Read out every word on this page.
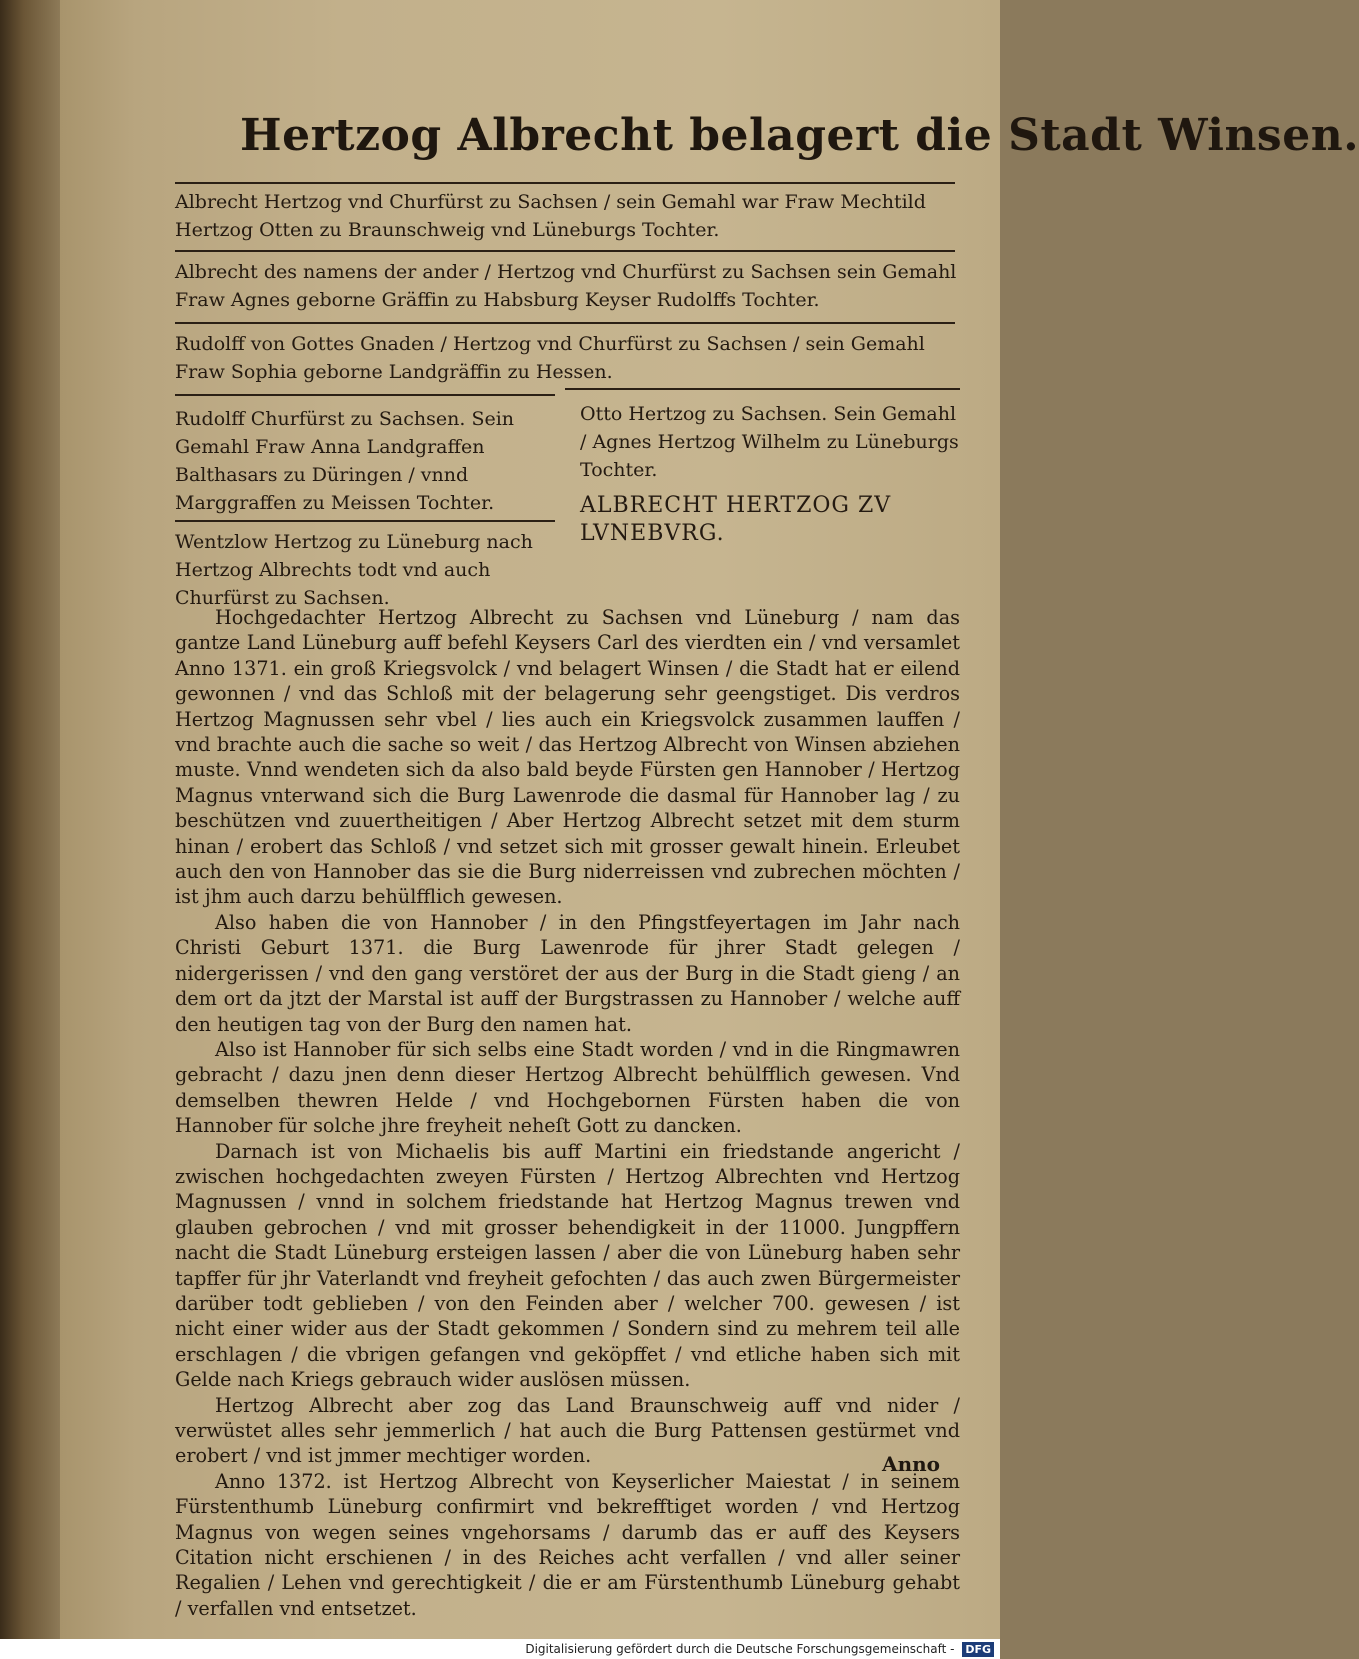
Hertzog Albrecht belagert die Stadt Winsen.
Albrecht Hertzog vnd Churfürst zu Sachsen / sein Gemahl war Fraw Mechtild Hertzog Otten zu Braunschweig vnd Lüneburgs Tochter.
Albrecht des namens der ander / Hertzog vnd Churfürst zu Sachsen sein Gemahl Fraw Agnes geborne Gräffin zu Habsburg Keyser Rudolffs Tochter.
Rudolff von Gottes Gnaden / Hertzog vnd Churfürst zu Sachsen / sein Gemahl Fraw Sophia geborne Landgräffin zu Hessen.
Rudolff Churfürst zu Sachsen. Sein Gemahl Fraw Anna Landgraffen Balthasars zu Düringen / vnnd Marggraffen zu Meissen Tochter.
Otto Hertzog zu Sachsen. Sein Gemahl / Agnes Hertzog Wilhelm zu Lüneburgs Tochter.
ALBRECHT HERTZOG ZV LVNEBVRG.
Wentzlow Hertzog zu Lüneburg nach Hertzog Albrechts todt vnd auch Churfürst zu Sachsen.

Hochgedachter Hertzog Albrecht zu Sachsen vnd Lüneburg / nam das gantze Land Lüneburg auff befehl Keysers Carl des vierdten ein / vnd versamlet Anno 1371. ein groß Kriegsvolck / vnd belagert Winsen / die Stadt hat er eilend gewonnen / vnd das Schloß mit der belagerung sehr geengstiget. Dis verdros Hertzog Magnussen sehr vbel / lies auch ein Kriegsvolck zusammen lauffen / vnd brachte auch die sache so weit / das Hertzog Albrecht von Winsen abziehen muste. Vnnd wendeten sich da also bald beyde Fürsten gen Hannober / Hertzog Magnus vnterwand sich die Burg Lawenrode die dasmal für Hannober lag / zu beschützen vnd zuuertheitigen / Aber Hertzog Albrecht setzet mit dem sturm hinan / erobert das Schloß / vnd setzet sich mit grosser gewalt hinein. Erleubet auch den von Hannober das sie die Burg niderreissen vnd zubrechen möchten / ist jhm auch darzu behülfflich gewesen.

Also haben die von Hannober / in den Pfingstfeyertagen im Jahr nach Christi Geburt 1371. die Burg Lawenrode für jhrer Stadt gelegen / nidergerissen / vnd den gang verstöret der aus der Burg in die Stadt gieng / an dem ort da jtzt der Marstal ist auff der Burgstrassen zu Hannober / welche auff den heutigen tag von der Burg den namen hat.

Also ist Hannober für sich selbs eine Stadt worden / vnd in die Ringmawren gebracht / dazu jnen denn dieser Hertzog Albrecht behülfflich gewesen. Vnd demselben thewren Helde / vnd Hochgebornen Fürsten haben die von Hannober für solche jhre freyheit neheſt Gott zu dancken.

Darnach ist von Michaelis bis auff Martini ein friedstande angericht / zwischen hochgedachten zweyen Fürsten / Hertzog Albrechten vnd Hertzog Magnussen / vnnd in solchem friedstande hat Hertzog Magnus trewen vnd glauben gebrochen / vnd mit grosser behendigkeit in der 11000. Jungpffern nacht die Stadt Lüneburg ersteigen lassen / aber die von Lüneburg haben sehr tapffer für jhr Vaterlandt vnd freyheit gefochten / das auch zwen Bürgermeister darüber todt geblieben / von den Feinden aber / welcher 700. gewesen / ist nicht einer wider aus der Stadt gekommen / Sondern sind zu mehrem teil alle erschlagen / die vbrigen gefangen vnd geköpffet / vnd etliche haben sich mit Gelde nach Kriegs gebrauch wider auslösen müssen.

Hertzog Albrecht aber zog das Land Braunschweig auff vnd nider / verwüstet alles sehr jemmerlich / hat auch die Burg Pattensen gestürmet vnd erobert / vnd ist jmmer mechtiger worden.

Anno 1372. ist Hertzog Albrecht von Keyserlicher Maiestat / in seinem Fürstenthumb Lüneburg confirmirt vnd bekrefftiget worden / vnd Hertzog Magnus von wegen seines vngehorsams / darumb das er auff des Keysers Citation nicht erschienen / in des Reiches acht verfallen / vnd aller seiner Regalien / Lehen vnd gerechtigkeit / die er am Fürstenthumb Lüneburg gehabt / verfallen vnd entsetzet.

Anno
Digitalisierung gefördert durch die Deutsche Forschungsgemeinschaft - DFG
